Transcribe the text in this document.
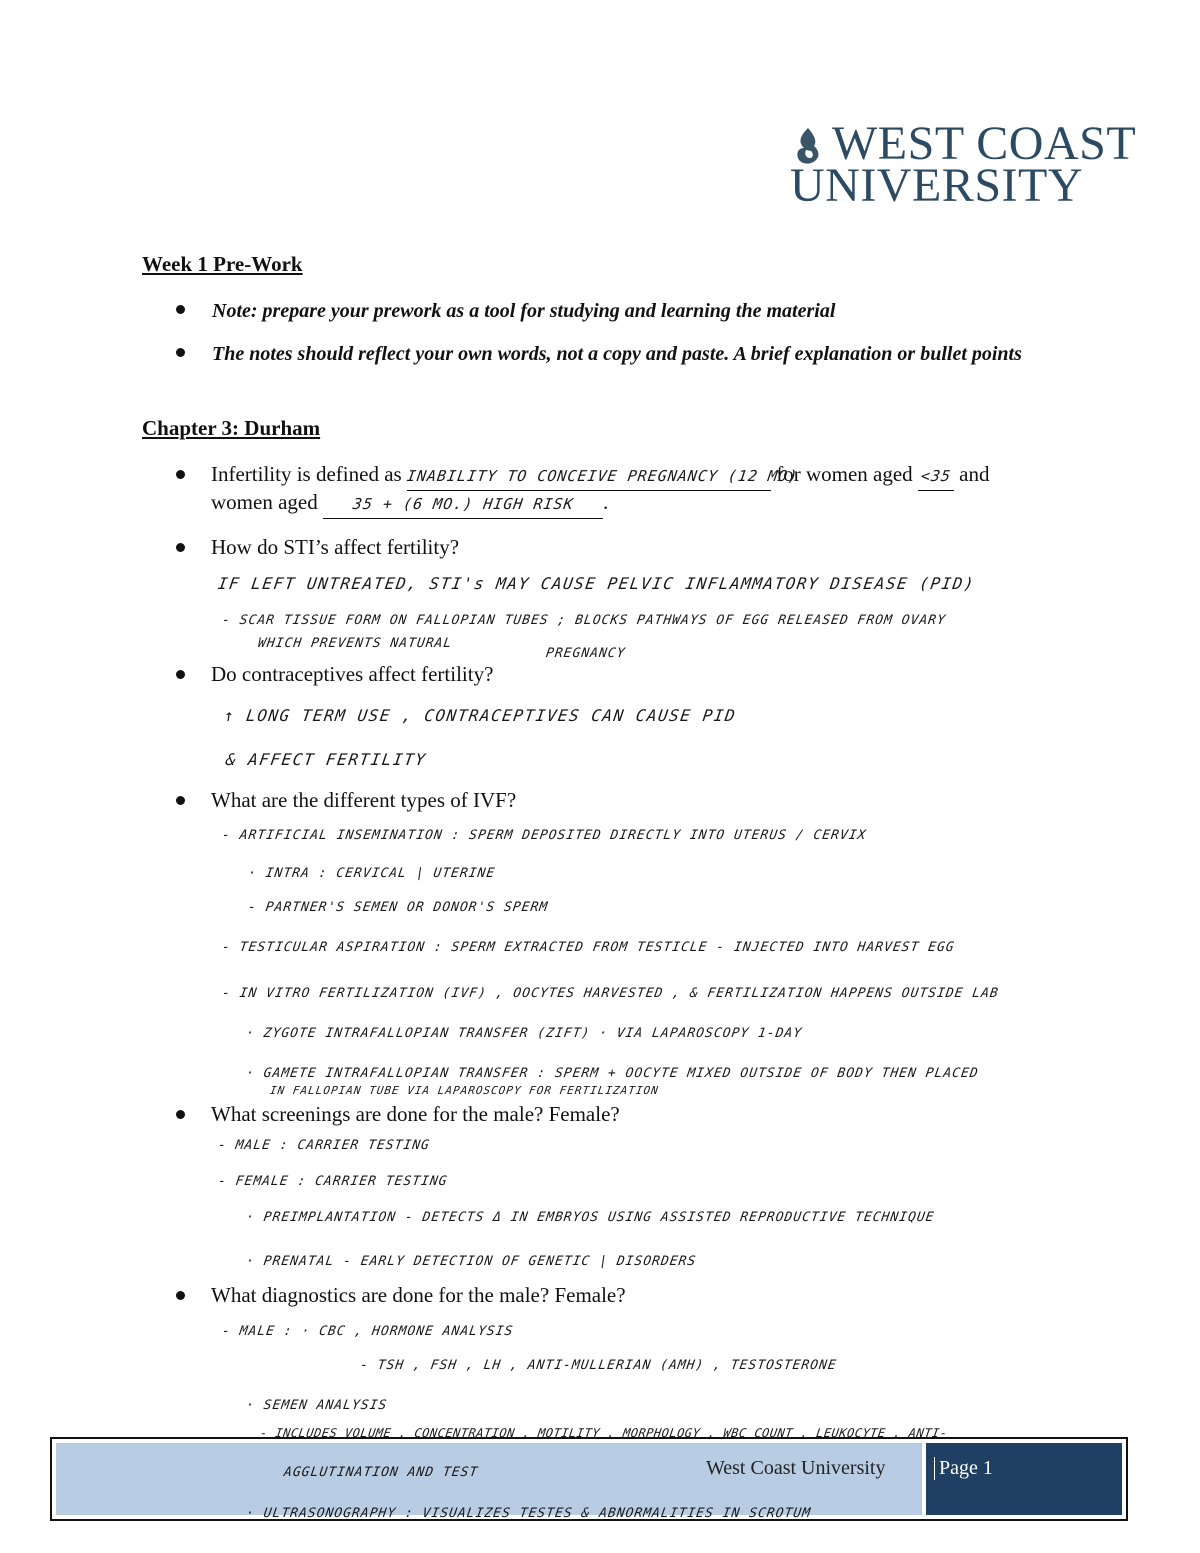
WEST COAST
UNIVERSITY
Week 1 Pre-Work
Note: prepare your prework as a tool for studying and learning the material
The notes should reflect your own words, not a copy and paste. A brief explanation or bullet points
Chapter 3: Durham
Infertility is defined as INABILITY TO CONCEIVE PREGNANCY (12 MO) for women aged <35 and
women aged 35 + (6 MO.) HIGH RISK .
How do STI’s affect fertility?
IF LEFT UNTREATED, STI's MAY CAUSE PELVIC INFLAMMATORY DISEASE (PID)
- SCAR TISSUE FORM ON FALLOPIAN TUBES ; BLOCKS PATHWAYS OF EGG RELEASED FROM OVARY
WHICH PREVENTS NATURAL
PREGNANCY
Do contraceptives affect fertility?
↑ LONG TERM USE , CONTRACEPTIVES CAN CAUSE PID
& AFFECT FERTILITY
What are the different types of IVF?
- ARTIFICIAL INSEMINATION : SPERM DEPOSITED DIRECTLY INTO UTERUS / CERVIX
· INTRA : CERVICAL | UTERINE
- PARTNER'S SEMEN OR DONOR'S SPERM
- TESTICULAR ASPIRATION : SPERM EXTRACTED FROM TESTICLE - INJECTED INTO HARVEST EGG
- IN VITRO FERTILIZATION (IVF) , OOCYTES HARVESTED , & FERTILIZATION HAPPENS OUTSIDE LAB
· ZYGOTE INTRAFALLOPIAN TRANSFER (ZIFT) · VIA LAPAROSCOPY 1-DAY
· GAMETE INTRAFALLOPIAN TRANSFER : SPERM + OOCYTE MIXED OUTSIDE OF BODY THEN PLACED
IN FALLOPIAN TUBE VIA LAPAROSCOPY FOR FERTILIZATION
What screenings are done for the male? Female?
- MALE : CARRIER TESTING
- FEMALE : CARRIER TESTING
· PREIMPLANTATION - DETECTS Δ IN EMBRYOS USING ASSISTED REPRODUCTIVE TECHNIQUE
· PRENATAL - EARLY DETECTION OF GENETIC | DISORDERS
What diagnostics are done for the male? Female?
- MALE : · CBC , HORMONE ANALYSIS
- TSH , FSH , LH , ANTI-MULLERIAN (AMH) , TESTOSTERONE
· SEMEN ANALYSIS
- INCLUDES VOLUME , CONCENTRATION , MOTILITY , MORPHOLOGY , WBC COUNT , LEUKOCYTE , ANTI-
AGGLUTINATION AND TEST	West Coast University	Page 1
· ULTRASONOGRAPHY : VISUALIZES TESTES & ABNORMALITIES IN SCROTUM
